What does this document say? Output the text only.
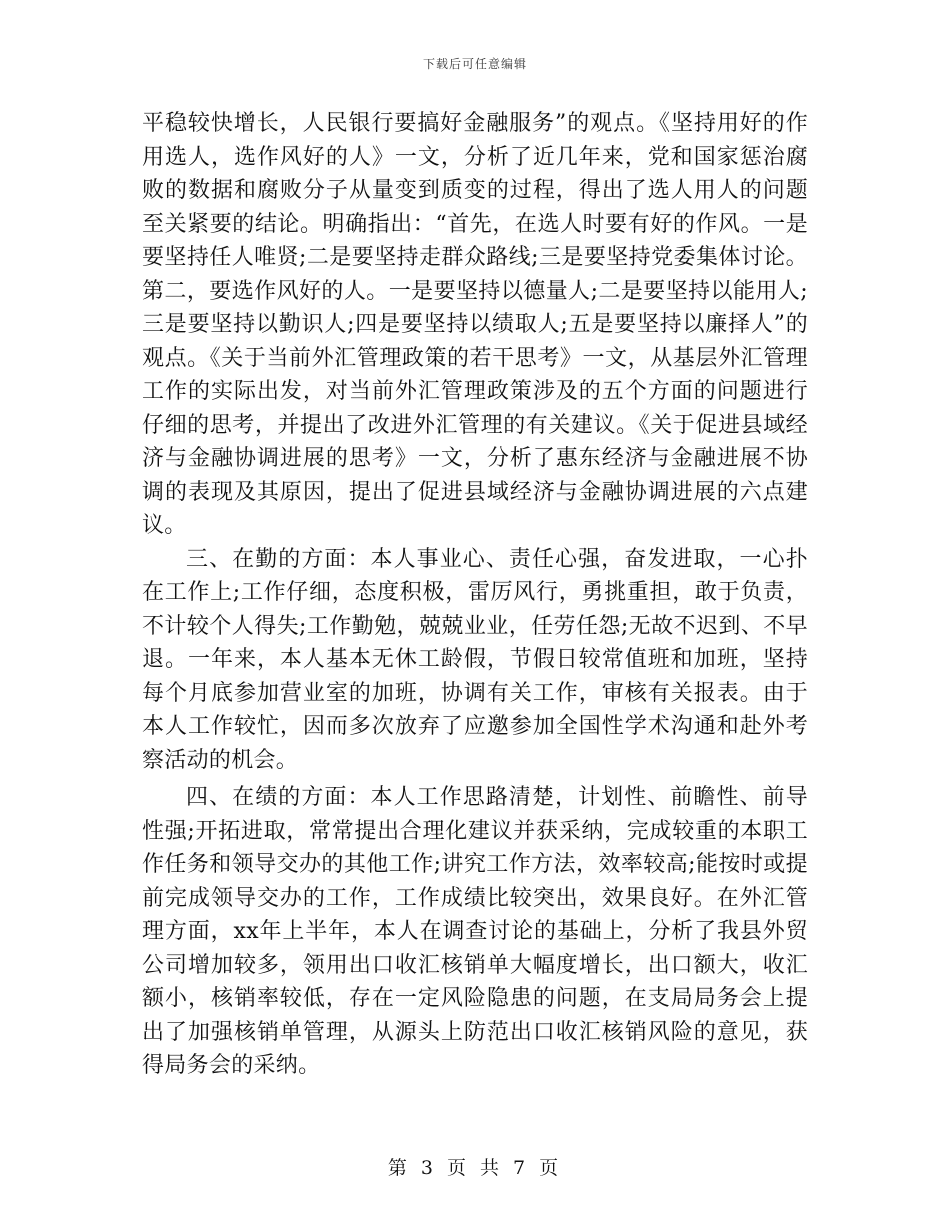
下载后可任意编辑

平稳较快增长，人民银行要搞好金融服务”的观点。《坚持用好的作用选人，选作风好的人》一文，分析了近几年来，党和国家惩治腐败的数据和腐败分子从量变到质变的过程，得出了选人用人的问题至关紧要的结论。明确指出：“首先，在选人时要有好的作风。一是要坚持任人唯贤;二是要坚持走群众路线;三是要坚持党委集体讨论。第二，要选作风好的人。一是要坚持以德量人;二是要坚持以能用人;三是要坚持以勤识人;四是要坚持以绩取人;五是要坚持以廉择人”的观点。《关于当前外汇管理政策的若干思考》一文，从基层外汇管理工作的实际出发，对当前外汇管理政策涉及的五个方面的问题进行仔细的思考，并提出了改进外汇管理的有关建议。《关于促进县域经济与金融协调进展的思考》一文，分析了惠东经济与金融进展不协调的表现及其原因，提出了促进县域经济与金融协调进展的六点建议。

三、在勤的方面：本人事业心、责任心强，奋发进取，一心扑在工作上;工作仔细，态度积极，雷厉风行，勇挑重担，敢于负责，不计较个人得失;工作勤勉，兢兢业业，任劳任怨;无故不迟到、不早退。一年来，本人基本无休工龄假，节假日较常值班和加班，坚持每个月底参加营业室的加班，协调有关工作，审核有关报表。由于本人工作较忙，因而多次放弃了应邀参加全国性学术沟通和赴外考察活动的机会。

四、在绩的方面：本人工作思路清楚，计划性、前瞻性、前导性强;开拓进取，常常提出合理化建议并获采纳，完成较重的本职工作任务和领导交办的其他工作;讲究工作方法，效率较高;能按时或提前完成领导交办的工作，工作成绩比较突出，效果良好。在外汇管理方面，xx年上半年，本人在调查讨论的基础上，分析了我县外贸公司增加较多，领用出口收汇核销单大幅度增长，出口额大，收汇额小，核销率较低，存在一定风险隐患的问题，在支局局务会上提出了加强核销单管理，从源头上防范出口收汇核销风险的意见，获得局务会的采纳。

第 3 页 共 7 页
